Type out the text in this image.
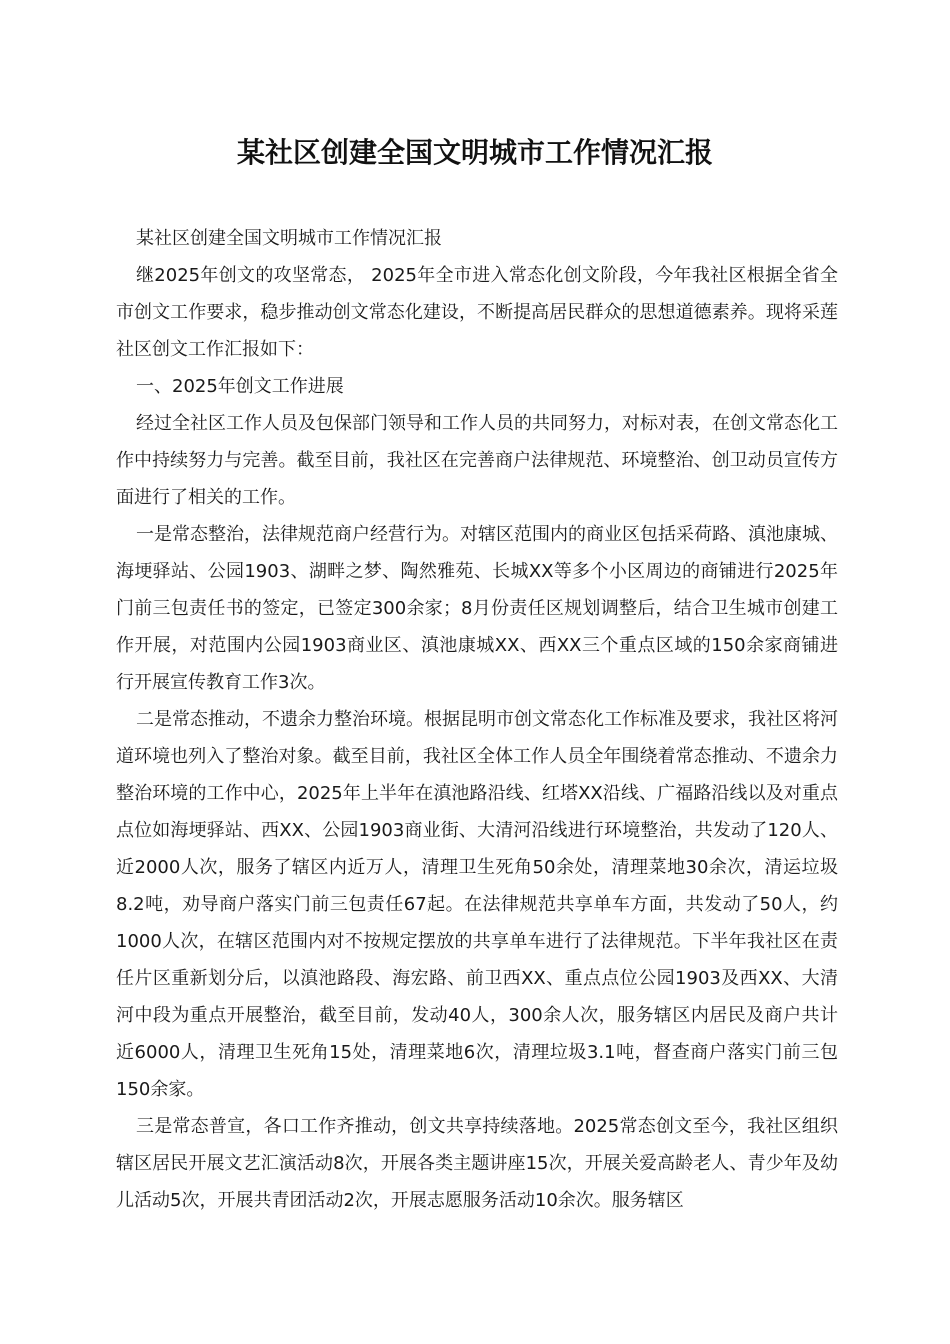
某社区创建全国文明城市工作情况汇报

某社区创建全国文明城市工作情况汇报

继2025年创文的攻坚常态， 2025年全市进入常态化创文阶段，今年我社区根据全省全市创文工作要求，稳步推动创文常态化建设，不断提高居民群众的思想道德素养。现将采莲社区创文工作汇报如下：

一、2025年创文工作进展

经过全社区工作人员及包保部门领导和工作人员的共同努力，对标对表，在创文常态化工作中持续努力与完善。截至目前，我社区在完善商户法律规范、环境整治、创卫动员宣传方面进行了相关的工作。

一是常态整治，法律规范商户经营行为。对辖区范围内的商业区包括采荷路、滇池康城、海埂驿站、公园1903、湖畔之梦、陶然雅苑、长城XX等多个小区周边的商铺进行2025年门前三包责任书的签定，已签定300余家；8月份责任区规划调整后，结合卫生城市创建工作开展，对范围内公园1903商业区、滇池康城XX、西XX三个重点区域的150余家商铺进行开展宣传教育工作3次。

二是常态推动，不遗余力整治环境。根据昆明市创文常态化工作标准及要求，我社区将河道环境也列入了整治对象。截至目前，我社区全体工作人员全年围绕着常态推动、不遗余力整治环境的工作中心，2025年上半年在滇池路沿线、红塔XX沿线、广福路沿线以及对重点点位如海埂驿站、西XX、公园1903商业街、大清河沿线进行环境整治，共发动了120人、近2000人次，服务了辖区内近万人，清理卫生死角50余处，清理菜地30余次，清运垃圾8.2吨，劝导商户落实门前三包责任67起。在法律规范共享单车方面，共发动了50人，约1000人次，在辖区范围内对不按规定摆放的共享单车进行了法律规范。下半年我社区在责任片区重新划分后，以滇池路段、海宏路、前卫西XX、重点点位公园1903及西XX、大清河中段为重点开展整治，截至目前，发动40人，300余人次，服务辖区内居民及商户共计近6000人，清理卫生死角15处，清理菜地6次，清理垃圾3.1吨，督查商户落实门前三包150余家。

三是常态普宣，各口工作齐推动，创文共享持续落地。2025常态创文至今，我社区组织辖区居民开展文艺汇演活动8次，开展各类主题讲座15次，开展关爱高龄老人、青少年及幼儿活动5次，开展共青团活动2次，开展志愿服务活动10余次。服务辖区
